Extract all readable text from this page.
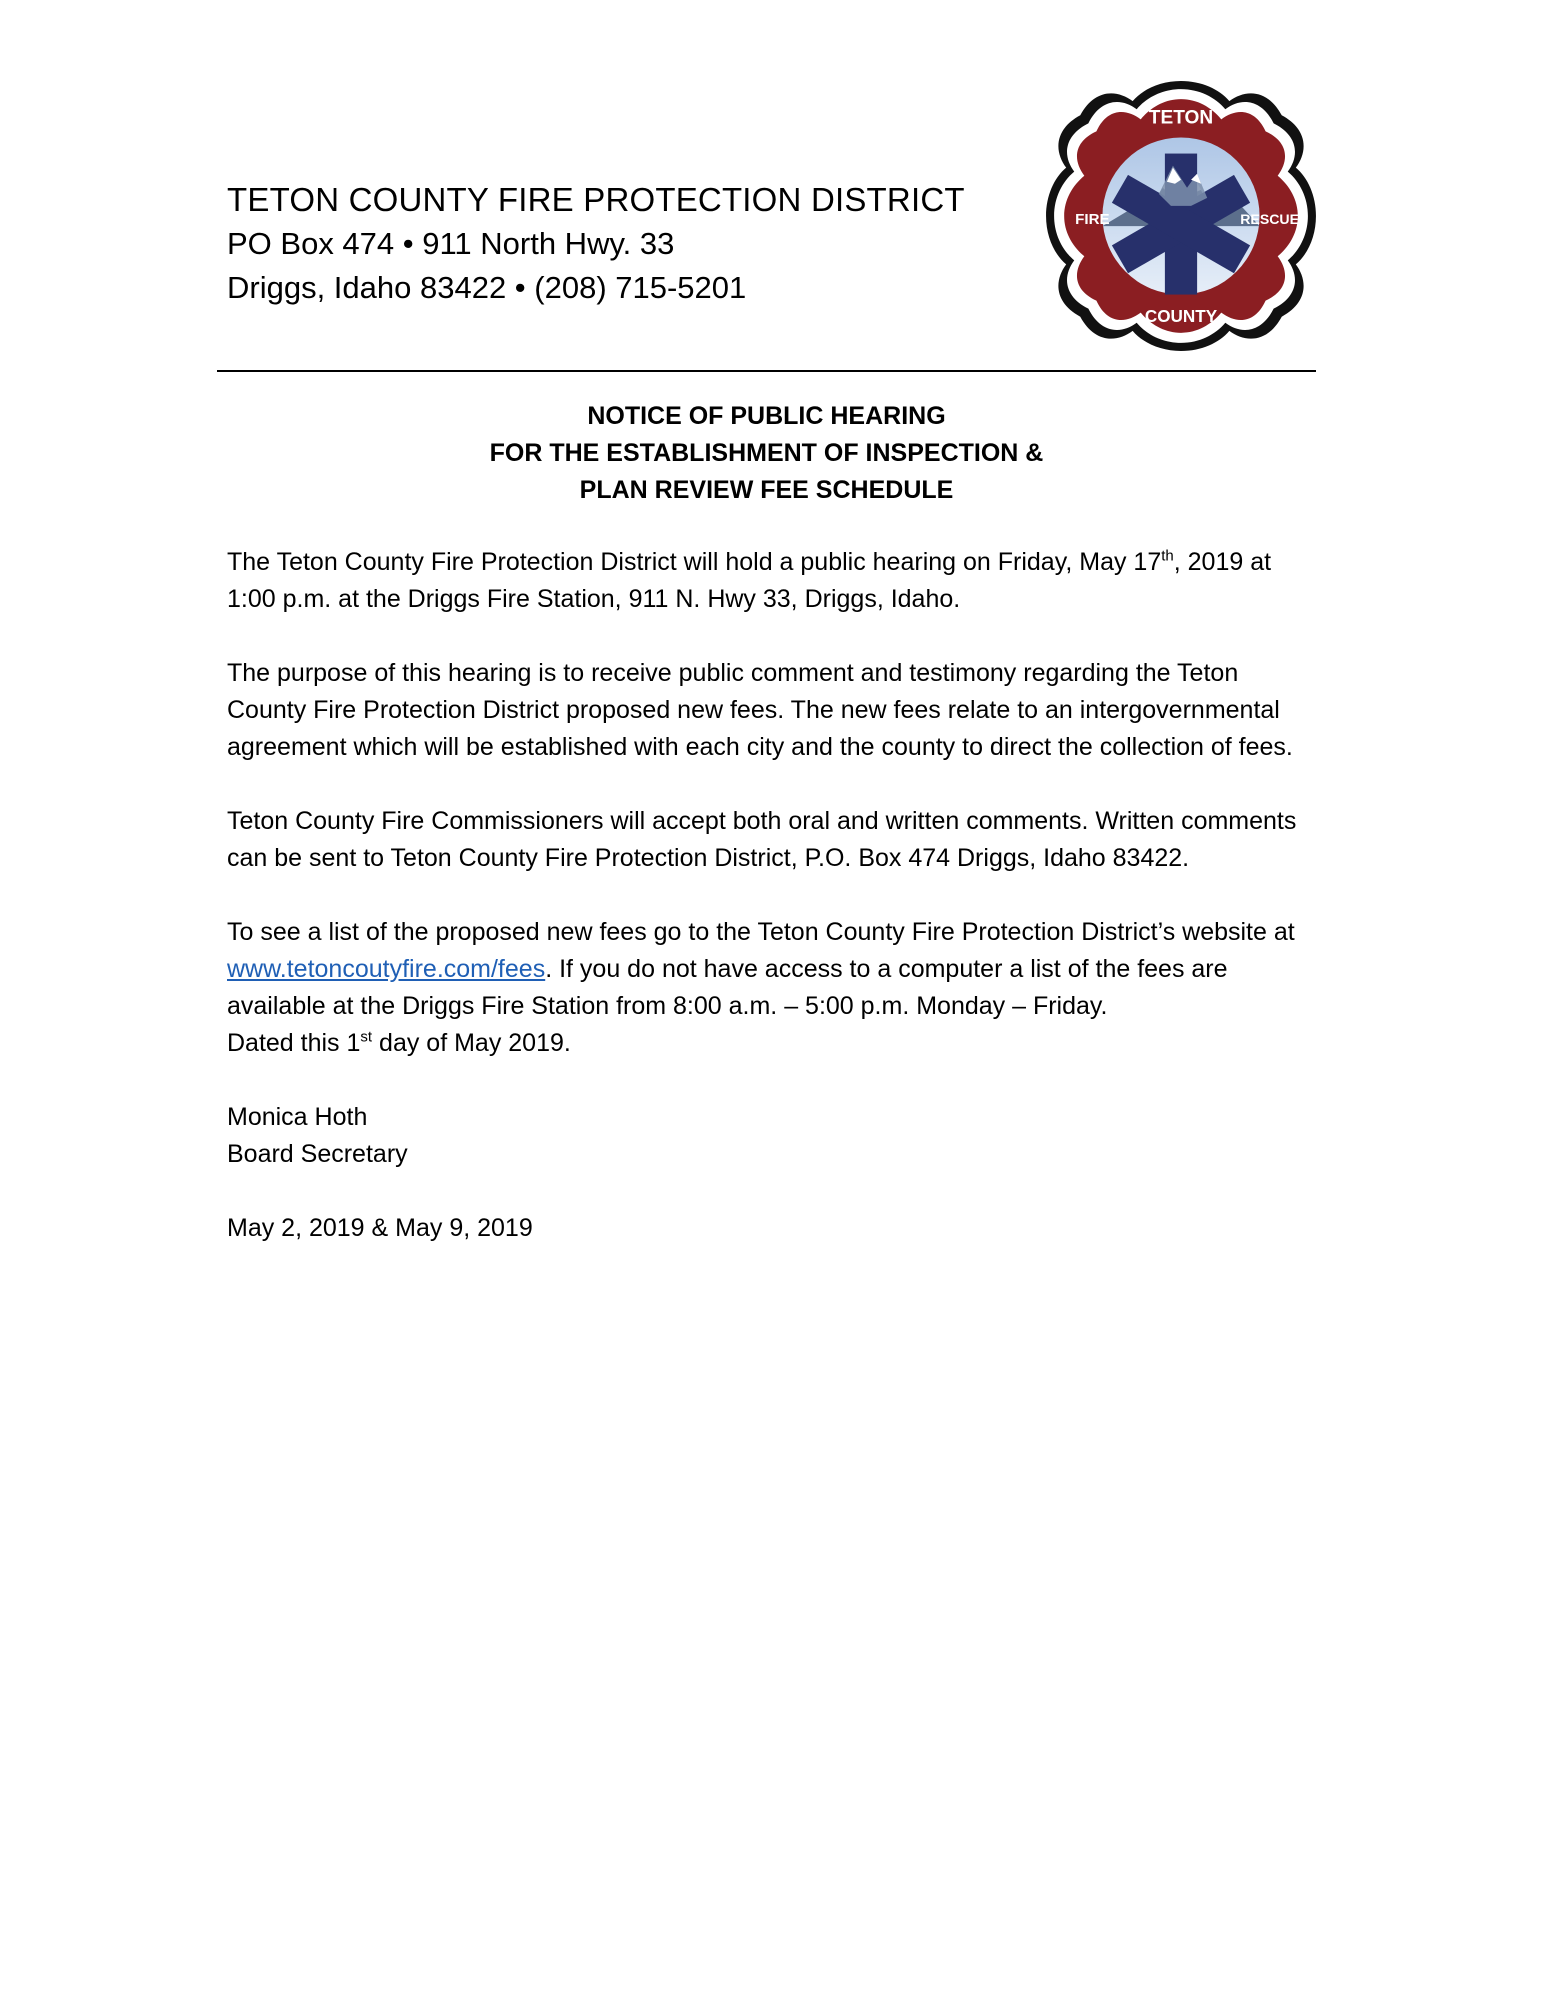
TETON COUNTY FIRE PROTECTION DISTRICT
PO Box 474 • 911 North Hwy. 33
Driggs, Idaho 83422 • (208) 715-5201
TETON
FIRE	RESCUE
COUNTY
NOTICE OF PUBLIC HEARING
FOR THE ESTABLISHMENT OF INSPECTION &
PLAN REVIEW FEE SCHEDULE

The Teton County Fire Protection District will hold a public hearing on Friday, May 17th, 2019 at 1:00 p.m. at the Driggs Fire Station, 911 N. Hwy 33, Driggs, Idaho.

The purpose of this hearing is to receive public comment and testimony regarding the Teton County Fire Protection District proposed new fees. The new fees relate to an intergovernmental agreement which will be established with each city and the county to direct the collection of fees.

Teton County Fire Commissioners will accept both oral and written comments. Written comments can be sent to Teton County Fire Protection District, P.O. Box 474 Driggs, Idaho 83422.

To see a list of the proposed new fees go to the Teton County Fire Protection District’s website at www.tetoncoutyfire.com/fees. If you do not have access to a computer a list of the fees are available at the Driggs Fire Station from 8:00 a.m. – 5:00 p.m. Monday – Friday.

Dated this 1st day of May 2019.

Monica Hoth
Board Secretary

May 2, 2019 & May 9, 2019
